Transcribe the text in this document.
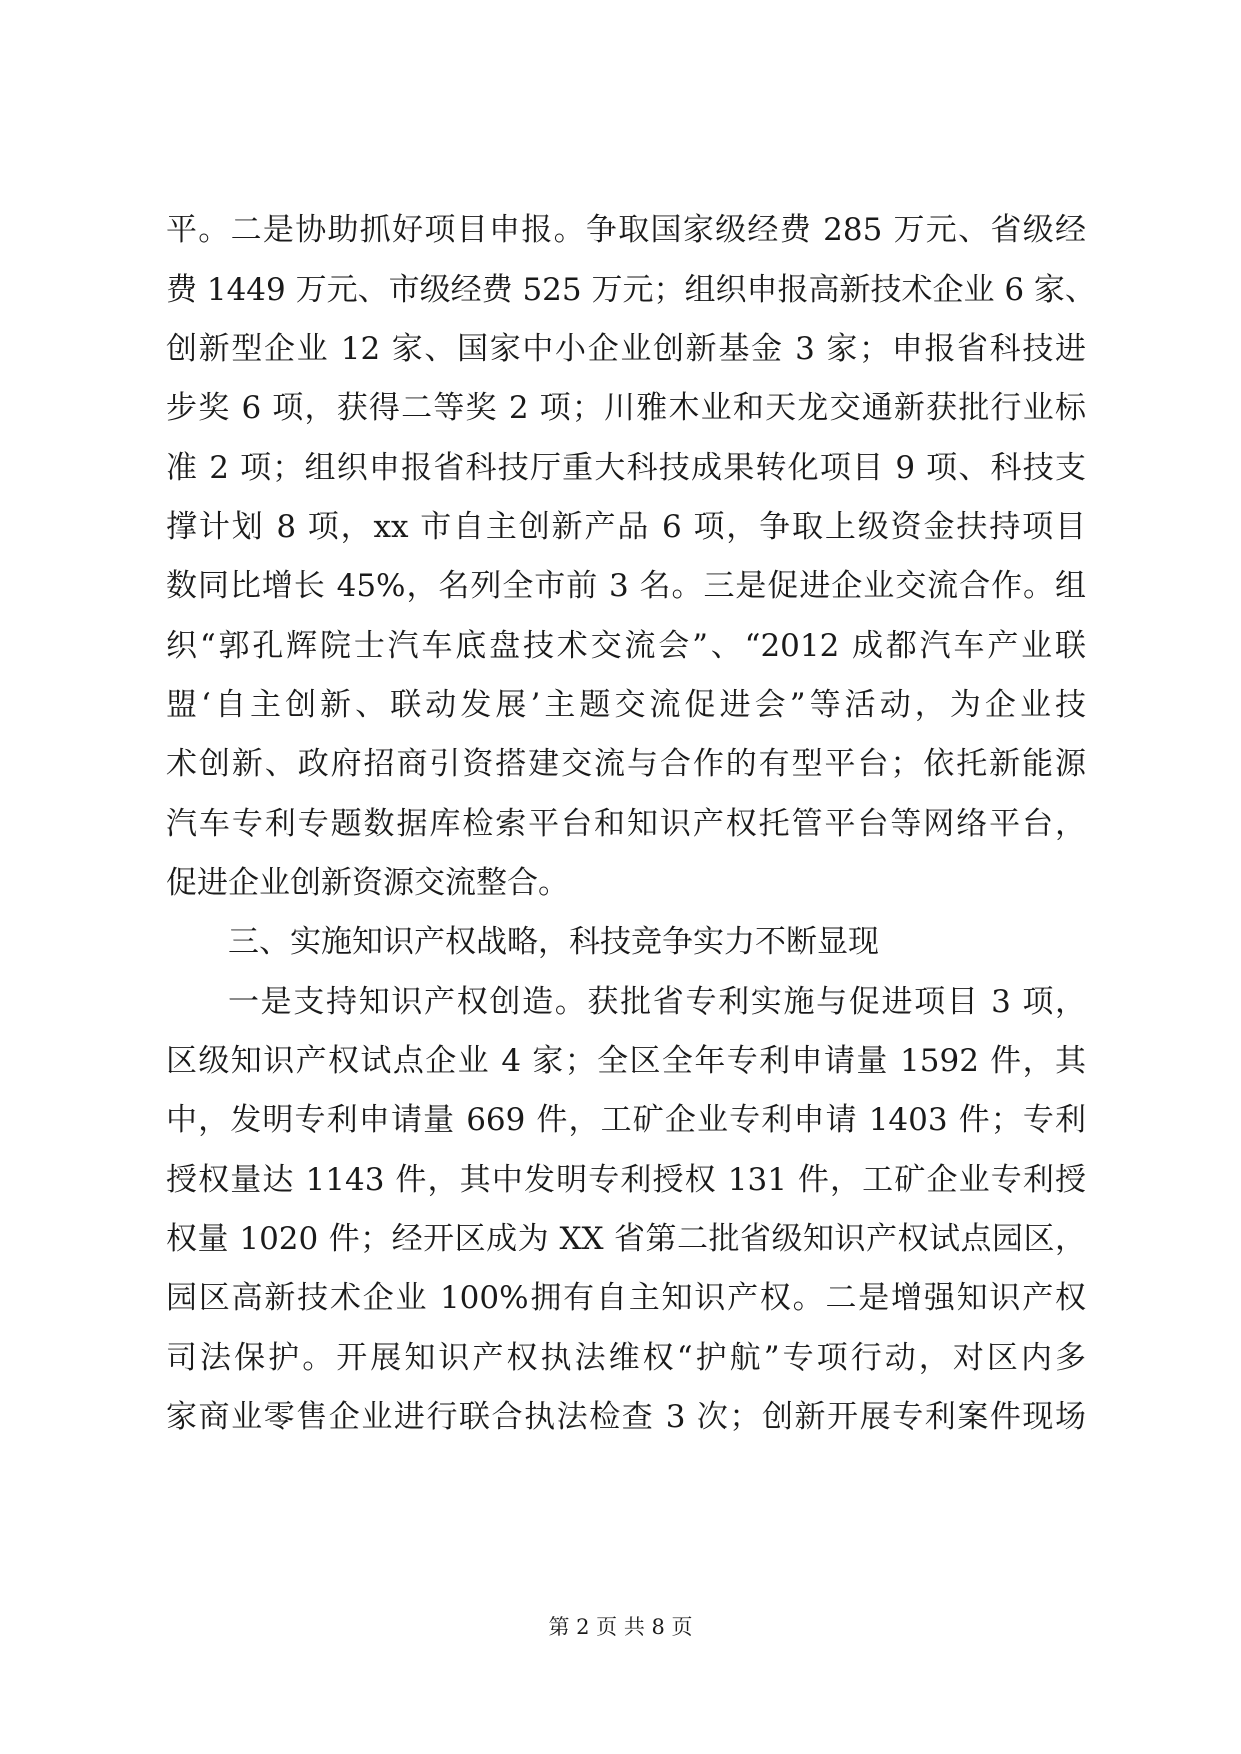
平。二是协助抓好项目申报。争取国家级经费 285 万元、省级经
费 1449 万元、市级经费 525 万元；组织申报高新技术企业 6 家、
创新型企业 12 家、国家中小企业创新基金 3 家；申报省科技进
步奖 6 项，获得二等奖 2 项；川雅木业和天龙交通新获批行业标
准 2 项；组织申报省科技厅重大科技成果转化项目 9 项、科技支
撑计划 8 项，xx 市自主创新产品 6 项，争取上级资金扶持项目
数同比增长 45%，名列全市前 3 名。三是促进企业交流合作。组
织“郭孔辉院士汽车底盘技术交流会”、“2012 成都汽车产业联
盟‘自主创新、联动发展’主题交流促进会”等活动，为企业技
术创新、政府招商引资搭建交流与合作的有型平台；依托新能源
汽车专利专题数据库检索平台和知识产权托管平台等网络平台，
促进企业创新资源交流整合。
三、实施知识产权战略，科技竞争实力不断显现
一是支持知识产权创造。获批省专利实施与促进项目 3 项，
区级知识产权试点企业 4 家；全区全年专利申请量 1592 件，其
中，发明专利申请量 669 件，工矿企业专利申请 1403 件；专利
授权量达 1143 件，其中发明专利授权 131 件，工矿企业专利授
权量 1020 件；经开区成为 XX 省第二批省级知识产权试点园区，
园区高新技术企业 100%拥有自主知识产权。二是增强知识产权
司法保护。开展知识产权执法维权“护航”专项行动，对区内多
家商业零售企业进行联合执法检查 3 次；创新开展专利案件现场
第 2 页 共 8 页
